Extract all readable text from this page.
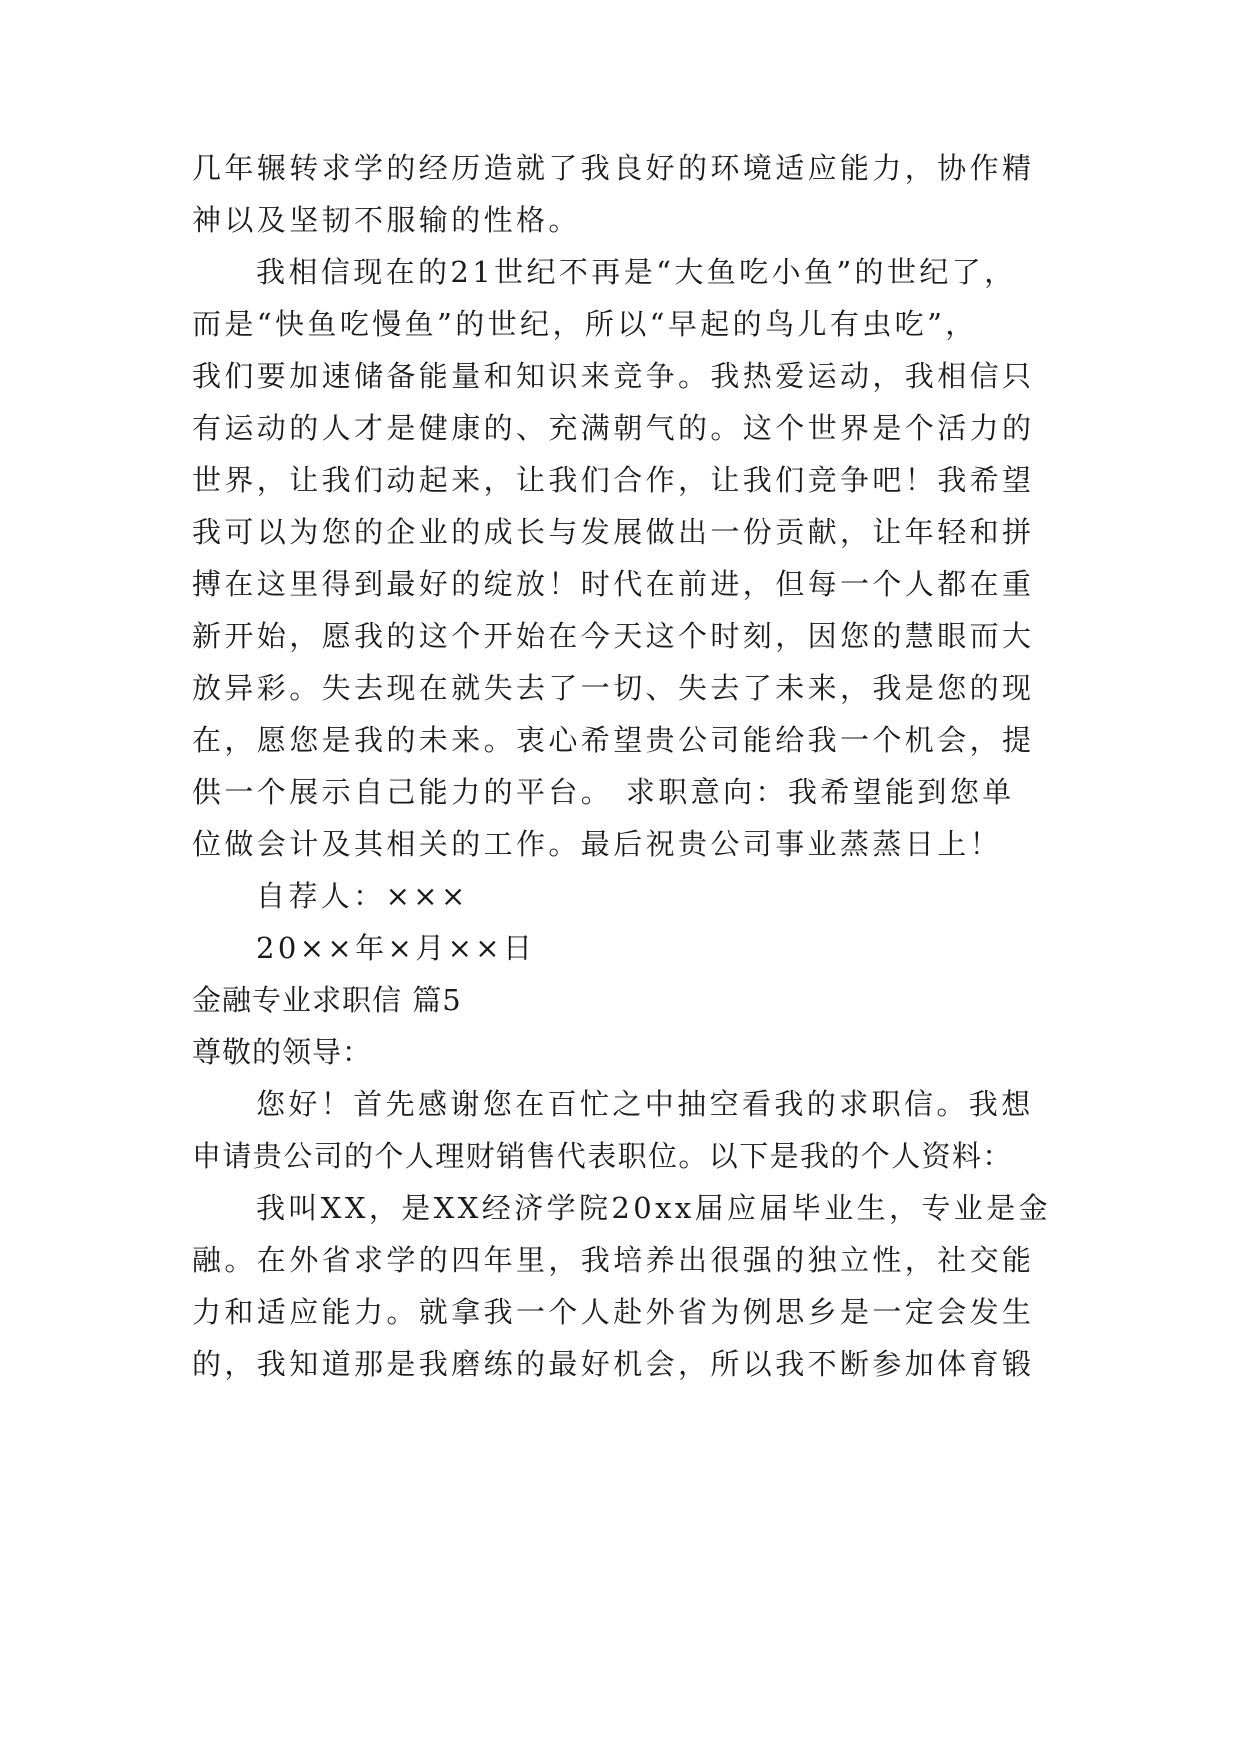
几年辗转求学的经历造就了我良好的环境适应能力，协作精
神以及坚韧不服输的性格。
我相信现在的21世纪不再是“大鱼吃小鱼”的世纪了，
而是“快鱼吃慢鱼”的世纪，所以“早起的鸟儿有虫吃”，
我们要加速储备能量和知识来竞争。我热爱运动，我相信只
有运动的人才是健康的、充满朝气的。这个世界是个活力的
世界，让我们动起来，让我们合作，让我们竞争吧！我希望
我可以为您的企业的成长与发展做出一份贡献，让年轻和拼
搏在这里得到最好的绽放！时代在前进，但每一个人都在重
新开始，愿我的这个开始在今天这个时刻，因您的慧眼而大
放异彩。失去现在就失去了一切、失去了未来，我是您的现
在，愿您是我的未来。衷心希望贵公司能给我一个机会，提
供一个展示自己能力的平台。 求职意向：我希望能到您单
位做会计及其相关的工作。最后祝贵公司事业蒸蒸日上！
自荐人：×××
20××年×月××日
金融专业求职信 篇5
尊敬的领导：
您好！首先感谢您在百忙之中抽空看我的求职信。我想
申请贵公司的个人理财销售代表职位。以下是我的个人资料：
我叫XX，是XX经济学院20xx届应届毕业生，专业是金
融。在外省求学的四年里，我培养出很强的独立性，社交能
力和适应能力。就拿我一个人赴外省为例思乡是一定会发生
的，我知道那是我磨练的最好机会，所以我不断参加体育锻
